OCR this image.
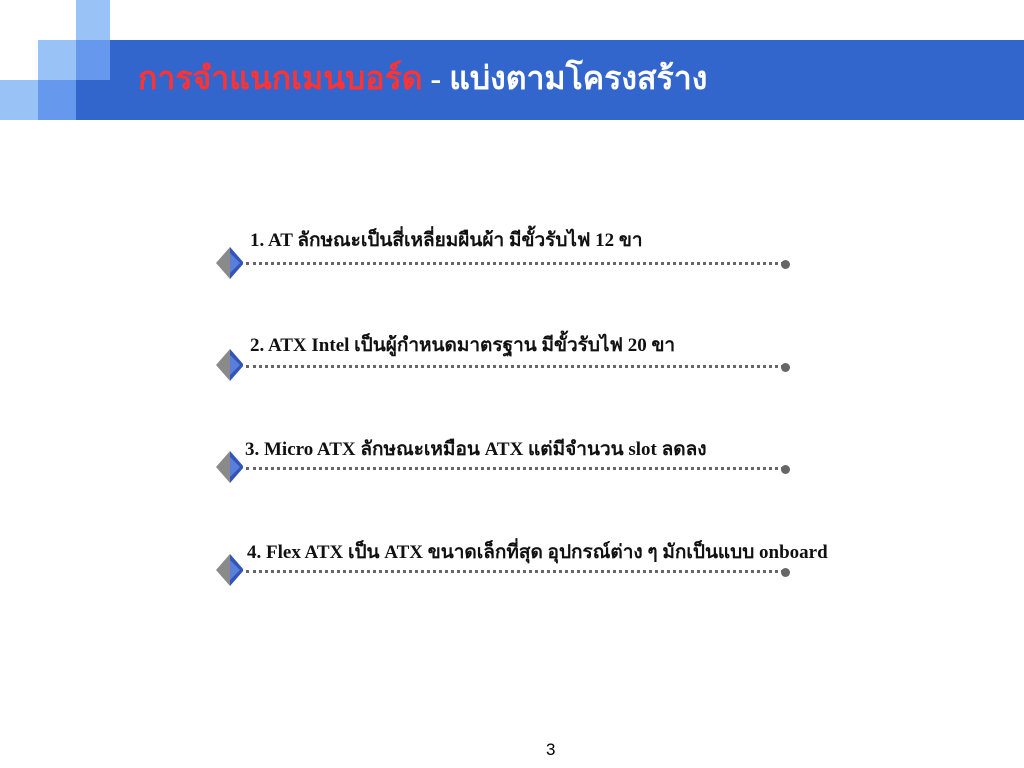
การจำแนกเมนบอร์ด - แบ่งตามโครงสร้าง
1. AT ลักษณะเป็นสี่เหลี่ยมผืนผ้า มีขั้วรับไฟ 12 ขา
2. ATX Intel เป็นผู้กำหนดมาตรฐาน มีขั้วรับไฟ 20 ขา
3. Micro ATX ลักษณะเหมือน ATX แต่มีจำนวน slot ลดลง
4. Flex ATX เป็น ATX ขนาดเล็กที่สุด อุปกรณ์ต่าง ๆ มักเป็นแบบ onboard
3
